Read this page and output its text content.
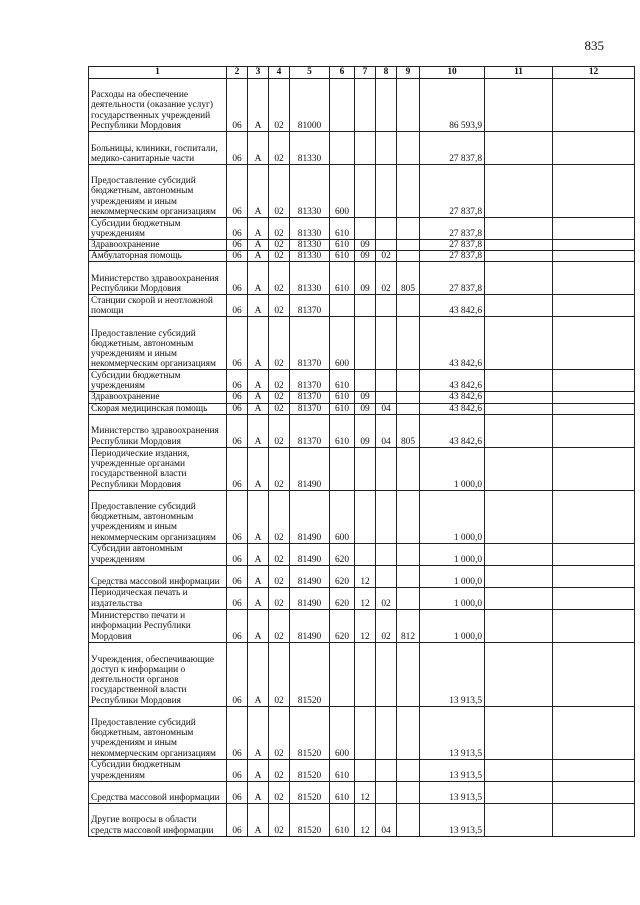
835
1	2	3	4	5	6	7	8	9	10	11	12
Расходы на обеспечение деятельности (оказание услуг) государственных учреждений Республики Мордовия	06	А	02	81000					86 593,9		
Больницы, клиники, госпитали, медико-санитарные части	06	А	02	81330					27 837,8		
Предоставление субсидий бюджетным, автономным учреждениям и иным некоммерческим организациям	06	А	02	81330	600				27 837,8		
Субсидии бюджетным учреждениям	06	А	02	81330	610				27 837,8		
Здравоохранение	06	А	02	81330	610	09			27 837,8		
Амбулаторная помощь	06	А	02	81330	610	09	02		27 837,8		
Министерство здравоохранения Республики Мордовия	06	А	02	81330	610	09	02	805	27 837,8		
Станции скорой и неотложной помощи	06	А	02	81370					43 842,6		
Предоставление субсидий бюджетным, автономным учреждениям и иным некоммерческим организациям	06	А	02	81370	600				43 842,6		
Субсидии бюджетным учреждениям	06	А	02	81370	610				43 842,6		
Здравоохранение	06	А	02	81370	610	09			43 842,6		
Скорая медицинская помощь	06	А	02	81370	610	09	04		43 842,6		
Министерство здравоохранения Республики Мордовия	06	А	02	81370	610	09	04	805	43 842,6		
Периодические издания, учрежденные органами государственной власти Республики Мордовия	06	А	02	81490					1 000,0		
Предоставление субсидий бюджетным, автономным учреждениям и иным некоммерческим организациям	06	А	02	81490	600				1 000,0		
Субсидии автономным учреждениям	06	А	02	81490	620				1 000,0		
Средства массовой информации	06	А	02	81490	620	12			1 000,0		
Периодическая печать и издательства	06	А	02	81490	620	12	02		1 000,0		
Министерство печати и информации Республики Мордовия	06	А	02	81490	620	12	02	812	1 000,0		
Учреждения, обеспечивающие доступ к информации о деятельности органов государственной власти Республики Мордовия	06	А	02	81520					13 913,5		
Предоставление субсидий бюджетным, автономным учреждениям и иным некоммерческим организациям	06	А	02	81520	600				13 913,5		
Субсидии бюджетным учреждениям	06	А	02	81520	610				13 913,5		
Средства массовой информации	06	А	02	81520	610	12			13 913,5		
Другие вопросы в области средств массовой информации	06	А	02	81520	610	12	04		13 913,5		
